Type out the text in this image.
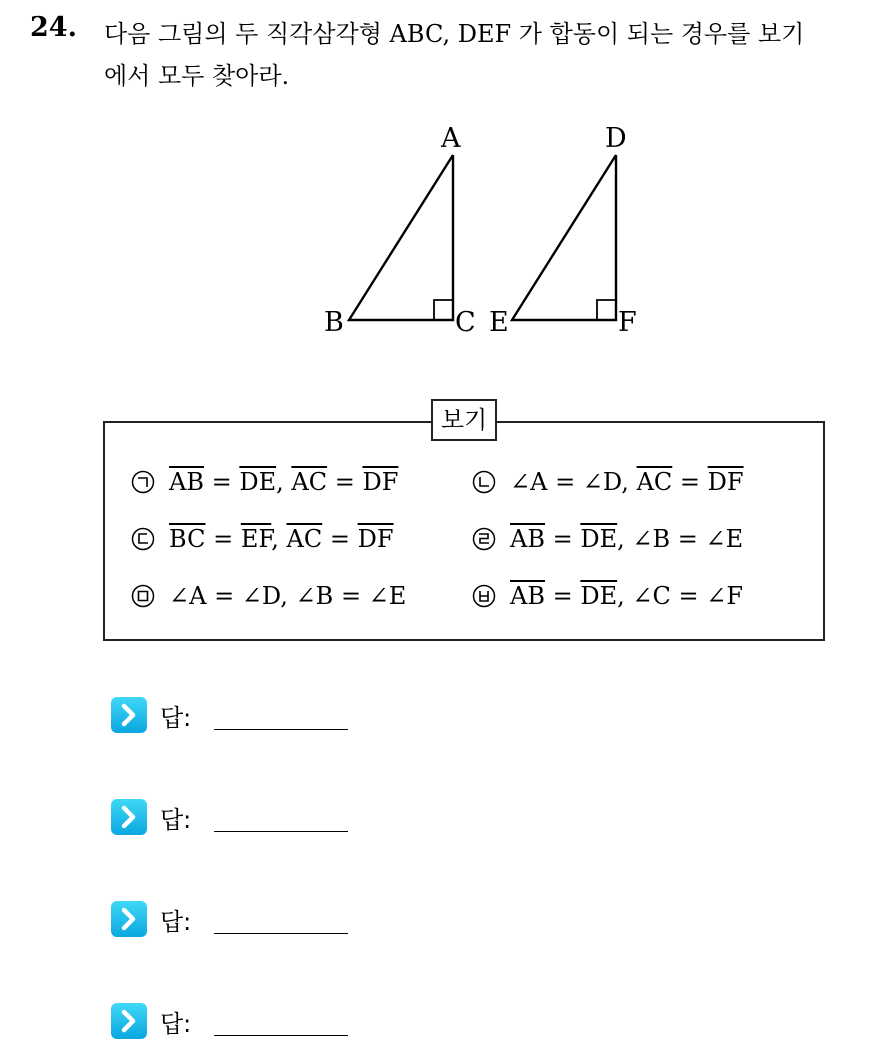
24. 다음 그림의 두 직각삼각형 ABC, DEF 가 합동이 되는 경우를 보기
에서 모두 찾아라.
A
B	C
D
E	F
보기
$\overline{AB} = \overline{DE}$, $\overline{AC} = \overline{DF}$	∠A = ∠D, $\overline{AC} = \overline{DF}$
$\overline{BC} = \overline{EF}$, $\overline{AC} = \overline{DF}$	$\overline{AB} = \overline{DE}$, ∠B = ∠E
∠A = ∠D, ∠B = ∠E	$\overline{AB} = \overline{DE}$, ∠C = ∠F
답:
답:
답:
답:
